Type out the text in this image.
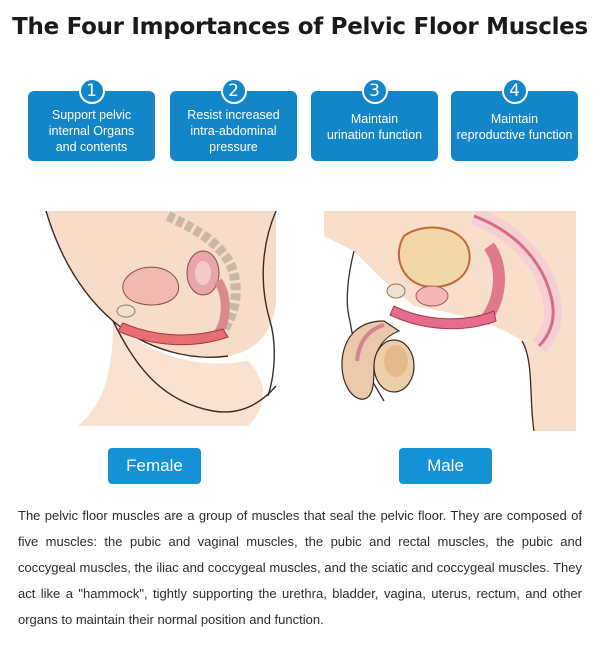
The Four Importances of Pelvic Floor Muscles
1
Support pelvic
internal Organs
and contents
2
Resist increased
intra-abdominal
pressure
3
Maintain
urination function
4
Maintain
reproductive function
Female	Male
The pelvic floor muscles are a group of muscles that seal the pelvic floor. They are composed of five muscles: the pubic and vaginal muscles, the pubic and rectal muscles, the pubic and coccygeal muscles, the iliac and coccygeal muscles, and the sciatic and coccygeal muscles. They act like a "hammock", tightly supporting the urethra, bladder, vagina, uterus, rectum, and other organs to maintain their normal position and function.
